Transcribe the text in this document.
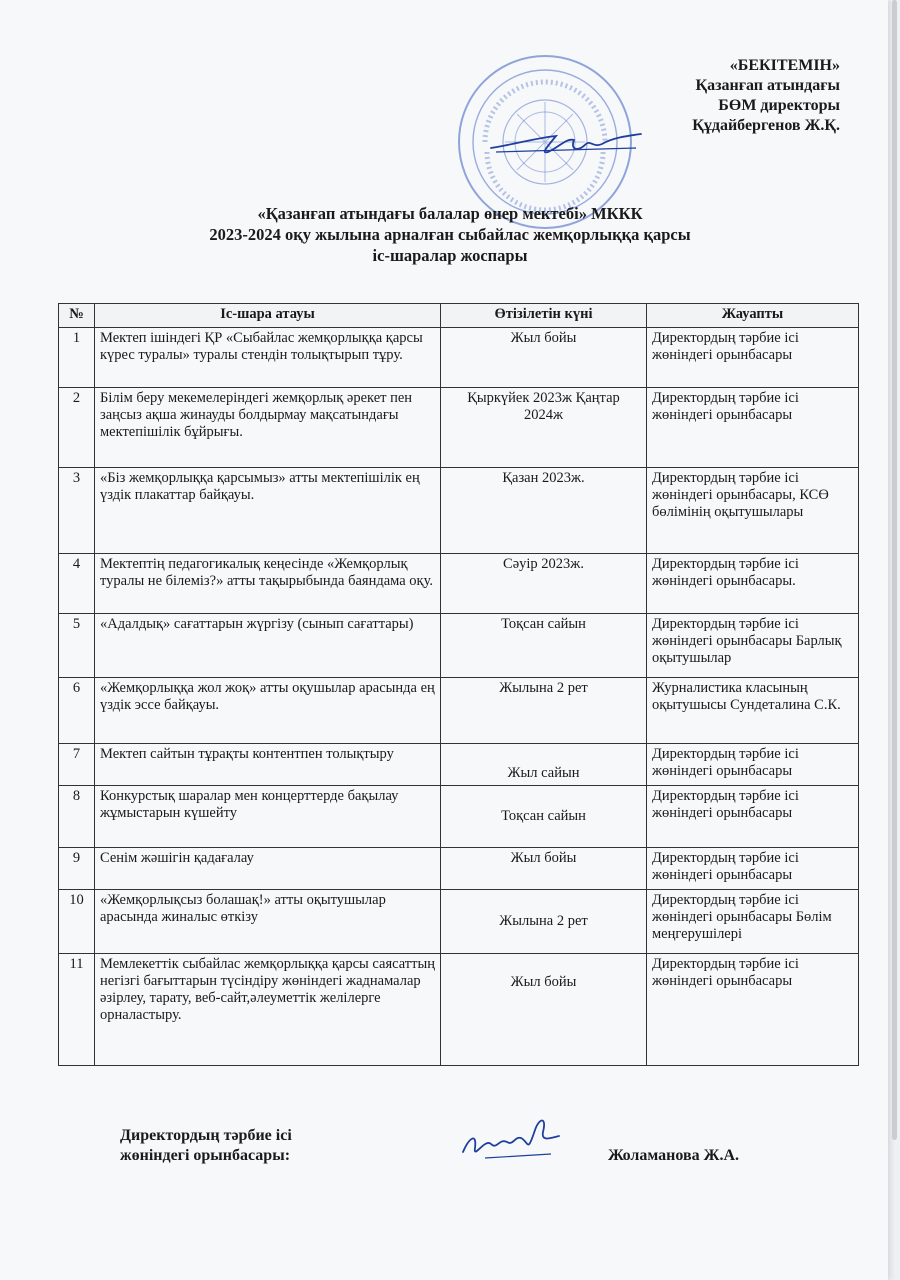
«БЕКІТЕМІН»
Қазанғап атындағы
БӨМ директоры
Құдайбергенов Ж.Қ.
«Қазанғап атындағы балалар өнер мектебі» МККК
2023-2024 оқу жылына арналған сыбайлас жемқорлыққа қарсы
іс-шаралар жоспары
№	Іс-шара атауы	Өтізілетін күні	Жауапты
1	Мектеп ішіндегі ҚР «Сыбайлас жемқорлыққа қарсы күрес туралы» туралы стендін толықтырып тұру.	Жыл бойы	Директордың тәрбие ісі жөніндегі орынбасары
2	Білім беру мекемелеріндегі жемқорлық әрекет пен заңсыз ақша жинауды болдырмау мақсатындағы мектепішілік бұйрығы.	Қыркүйек 2023ж Қаңтар 2024ж	Директордың тәрбие ісі жөніндегі орынбасары
3	«Біз жемқорлыққа қарсымыз» атты мектепішілік ең үздік плакаттар байқауы.	Қазан 2023ж.	Директордың тәрбие ісі жөніндегі орынбасары, КСӨ бөлімінің оқытушылары
4	Мектептің педагогикалық кеңесінде «Жемқорлық туралы не білеміз?» атты тақырыбында баяндама оқу.	Сәуір 2023ж.	Директордың тәрбие ісі жөніндегі орынбасары.
5	«Адалдық» сағаттарын жүргізу (сынып сағаттары)	Тоқсан сайын	Директордың тәрбие ісі жөніндегі орынбасары Барлық оқытушылар
6	«Жемқорлыққа жол жоқ» атты оқушылар арасында ең үздік эссе байқауы.	Жылына 2 рет	Журналистика класының оқытушысы Сундеталина С.К.
7	Мектеп сайтын тұрақты контентпен толықтыру	Жыл сайын	Директордың тәрбие ісі жөніндегі орынбасары
8	Конкурстық шаралар мен концерттерде бақылау жұмыстарын күшейту	Тоқсан сайын	Директордың тәрбие ісі жөніндегі орынбасары
9	Сенім жәшігін қадағалау	Жыл бойы	Директордың тәрбие ісі жөніндегі орынбасары
10	«Жемқорлықсыз болашақ!» атты оқытушылар арасында жиналыс өткізу	Жылына 2 рет	Директордың тәрбие ісі жөніндегі орынбасары Бөлім меңгерушілері
11	Мемлекеттік сыбайлас жемқорлыққа қарсы саясаттың негізгі бағыттарын түсіндіру жөніндегі жаднамалар әзірлеу, тарату, веб-сайт,әлеуметтік желілерге орналастыру.	Жыл бойы	Директордың тәрбие ісі жөніндегі орынбасары
Директордың тәрбие ісі
жөніндегі орынбасары:	Жоламанова Ж.А.
